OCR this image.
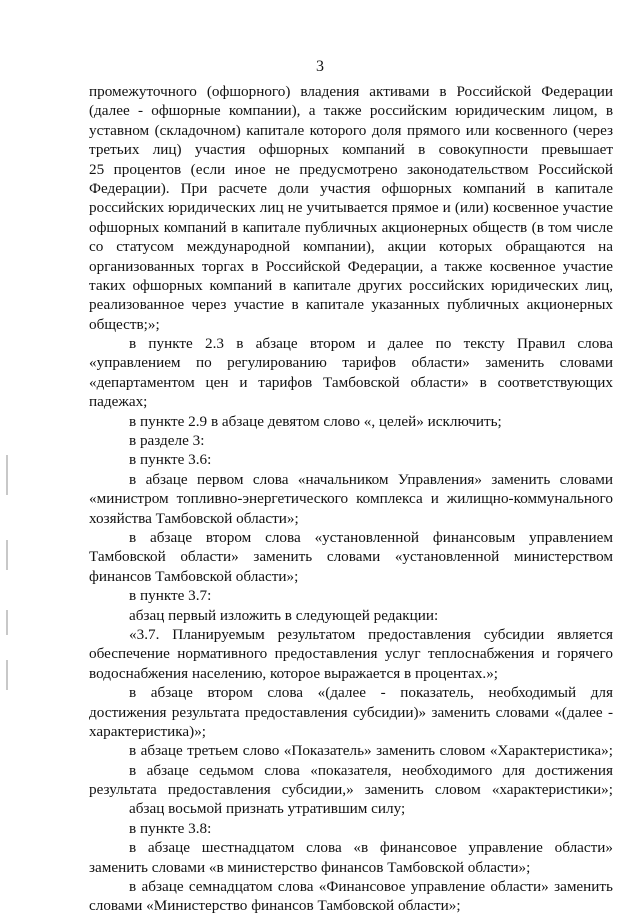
3
промежуточного (офшорного) владения активами в Российской Федерации
(далее - офшорные компании), а также российским юридическим лицом, в
уставном (складочном) капитале которого доля прямого или косвенного (через
третьих лиц) участия офшорных компаний в совокупности превышает
25 процентов (если иное не предусмотрено законодательством Российской
Федерации). При расчете доли участия офшорных компаний в капитале
российских юридических лиц не учитывается прямое и (или) косвенное участие
офшорных компаний в капитале публичных акционерных обществ (в том числе
со статусом международной компании), акции которых обращаются на
организованных торгах в Российской Федерации, а также косвенное участие
таких офшорных компаний в капитале других российских юридических лиц,
реализованное через участие в капитале указанных публичных акционерных
обществ;»;
в пункте 2.3 в абзаце втором и далее по тексту Правил слова
«управлением по регулированию тарифов области» заменить словами
«департаментом цен и тарифов Тамбовской области» в соответствующих
падежах;
в пункте 2.9 в абзаце девятом слово «, целей» исключить;
в разделе 3:
в пункте 3.6:
в абзаце первом слова «начальником Управления» заменить словами
«министром топливно-энергетического комплекса и жилищно-коммунального
хозяйства Тамбовской области»;
в абзаце втором слова «установленной финансовым управлением
Тамбовской области» заменить словами «установленной министерством
финансов Тамбовской области»;
в пункте 3.7:
абзац первый изложить в следующей редакции:
«3.7. Планируемым результатом предоставления субсидии является
обеспечение нормативного предоставления услуг теплоснабжения и горячего
водоснабжения населению, которое выражается в процентах.»;
в абзаце втором слова «(далее - показатель, необходимый для
достижения результата предоставления субсидии)» заменить словами «(далее -
характеристика)»;
в абзаце третьем слово «Показатель» заменить словом «Характеристика»;
в абзаце седьмом слова «показателя, необходимого для достижения
результата предоставления субсидии,» заменить словом «характеристики»;
абзац восьмой признать утратившим силу;
в пункте 3.8:
в абзаце шестнадцатом слова «в финансовое управление области»
заменить словами «в министерство финансов Тамбовской области»;
в абзаце семнадцатом слова «Финансовое управление области» заменить
словами «Министерство финансов Тамбовской области»;
